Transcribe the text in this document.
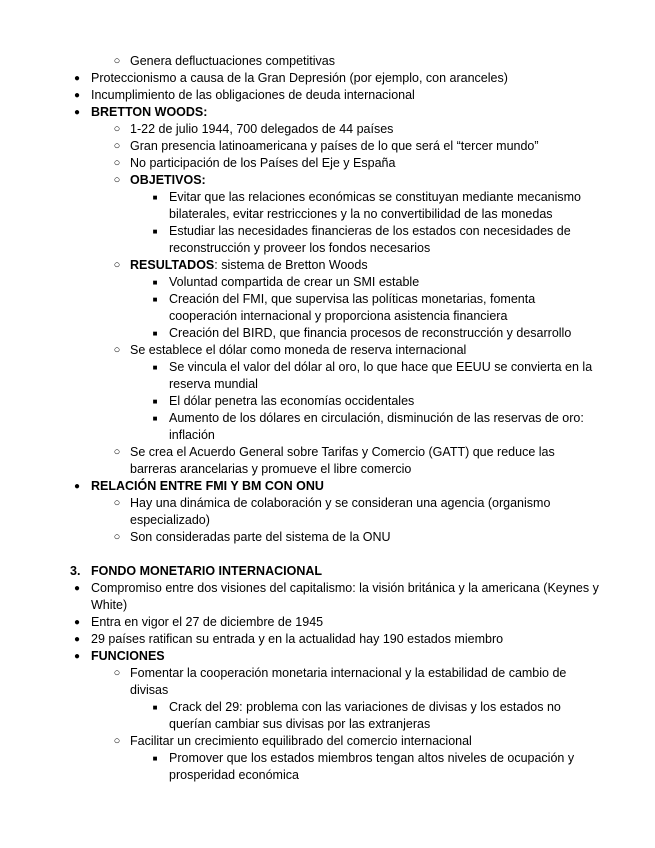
○ Genera defluctuaciones competitivas
● Proteccionismo a causa de la Gran Depresión (por ejemplo, con aranceles)
● Incumplimiento de las obligaciones de deuda internacional
● BRETTON WOODS:
○ 1-22 de julio 1944, 700 delegados de 44 países
○ Gran presencia latinoamericana y países de lo que será el “tercer mundo”
○ No participación de los Países del Eje y España
○ OBJETIVOS:
■ Evitar que las relaciones económicas se constituyan mediante mecanismo bilaterales, evitar restricciones y la no convertibilidad de las monedas
■ Estudiar las necesidades financieras de los estados con necesidades de reconstrucción y proveer los fondos necesarios
○ RESULTADOS: sistema de Bretton Woods
■ Voluntad compartida de crear un SMI estable
■ Creación del FMI, que supervisa las políticas monetarias, fomenta cooperación internacional y proporciona asistencia financiera
■ Creación del BIRD, que financia procesos de reconstrucción y desarrollo
○ Se establece el dólar como moneda de reserva internacional
■ Se vincula el valor del dólar al oro, lo que hace que EEUU se convierta en la reserva mundial
■ El dólar penetra las economías occidentales
■ Aumento de los dólares en circulación, disminución de las reservas de oro: inflación
○ Se crea el Acuerdo General sobre Tarifas y Comercio (GATT) que reduce las barreras arancelarias y promueve el libre comercio
● RELACIÓN ENTRE FMI Y BM CON ONU
○ Hay una dinámica de colaboración y se consideran una agencia (organismo especializado)
○ Son consideradas parte del sistema de la ONU
3. FONDO MONETARIO INTERNACIONAL
● Compromiso entre dos visiones del capitalismo: la visión británica y la americana (Keynes y White)
● Entra en vigor el 27 de diciembre de 1945
● 29 países ratifican su entrada y en la actualidad hay 190 estados miembro
● FUNCIONES
○ Fomentar la cooperación monetaria internacional y la estabilidad de cambio de divisas
■ Crack del 29: problema con las variaciones de divisas y los estados no querían cambiar sus divisas por las extranjeras
○ Facilitar un crecimiento equilibrado del comercio internacional
■ Promover que los estados miembros tengan altos niveles de ocupación y prosperidad económica
